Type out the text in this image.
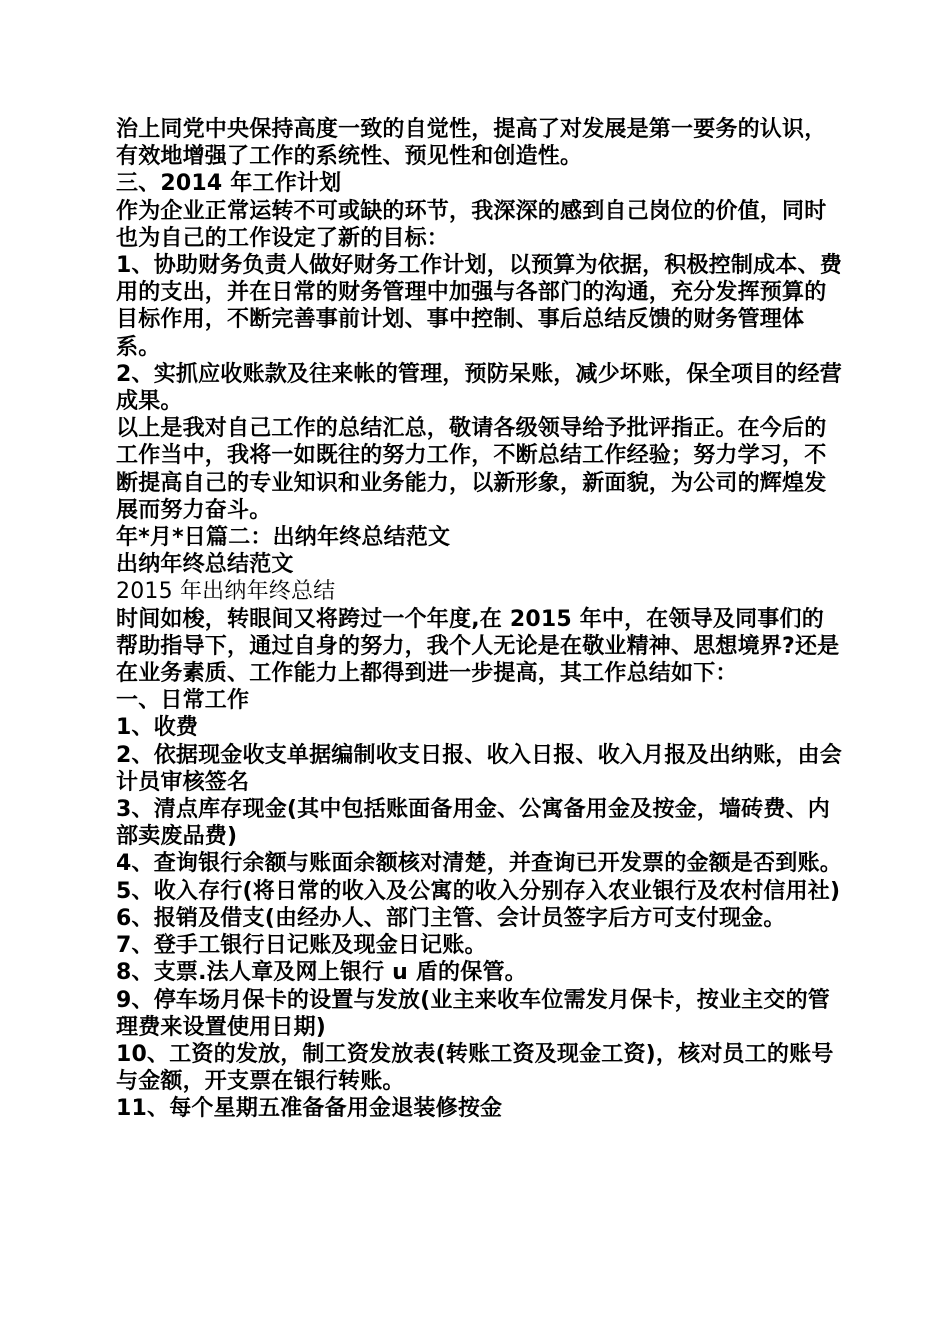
治上同党中央保持高度一致的自觉性，提高了对发展是第一要务的认识，有效地增强了工作的系统性、预见性和创造性。

三、2014 年工作计划

作为企业正常运转不可或缺的环节，我深深的感到自己岗位的价值，同时也为自己的工作设定了新的目标：

1、协助财务负责人做好财务工作计划，以预算为依据，积极控制成本、费用的支出，并在日常的财务管理中加强与各部门的沟通，充分发挥预算的目标作用，不断完善事前计划、事中控制、事后总结反馈的财务管理体系。

2、实抓应收账款及往来帐的管理，预防呆账，减少坏账，保全项目的经营成果。

以上是我对自己工作的总结汇总，敬请各级领导给予批评指正。在今后的工作当中，我将一如既往的努力工作，不断总结工作经验；努力学习，不断提高自己的专业知识和业务能力，以新形象，新面貌，为公司的辉煌发展而努力奋斗。

年*月*日篇二：出纳年终总结范文

出纳年终总结范文

2015 年出纳年终总结

时间如梭，转眼间又将跨过一个年度,在 2015 年中，在领导及同事们的帮助指导下，通过自身的努力，我个人无论是在敬业精神、思想境界?还是在业务素质、工作能力上都得到进一步提高，其工作总结如下：

一、日常工作

1、收费

2、依据现金收支单据编制收支日报、收入日报、收入月报及出纳账，由会计员审核签名

3、清点库存现金(其中包括账面备用金、公寓备用金及按金，墙砖费、内部卖废品费)

4、查询银行余额与账面余额核对清楚，并查询已开发票的金额是否到账。

5、收入存行(将日常的收入及公寓的收入分别存入农业银行及农村信用社)

6、报销及借支(由经办人、部门主管、会计员签字后方可支付现金。

7、登手工银行日记账及现金日记账。

8、支票.法人章及网上银行 u 盾的保管。

9、停车场月保卡的设置与发放(业主来收车位需发月保卡，按业主交的管理费来设置使用日期)

10、工资的发放，制工资发放表(转账工资及现金工资)，核对员工的账号与金额，开支票在银行转账。

11、每个星期五准备备用金退装修按金
